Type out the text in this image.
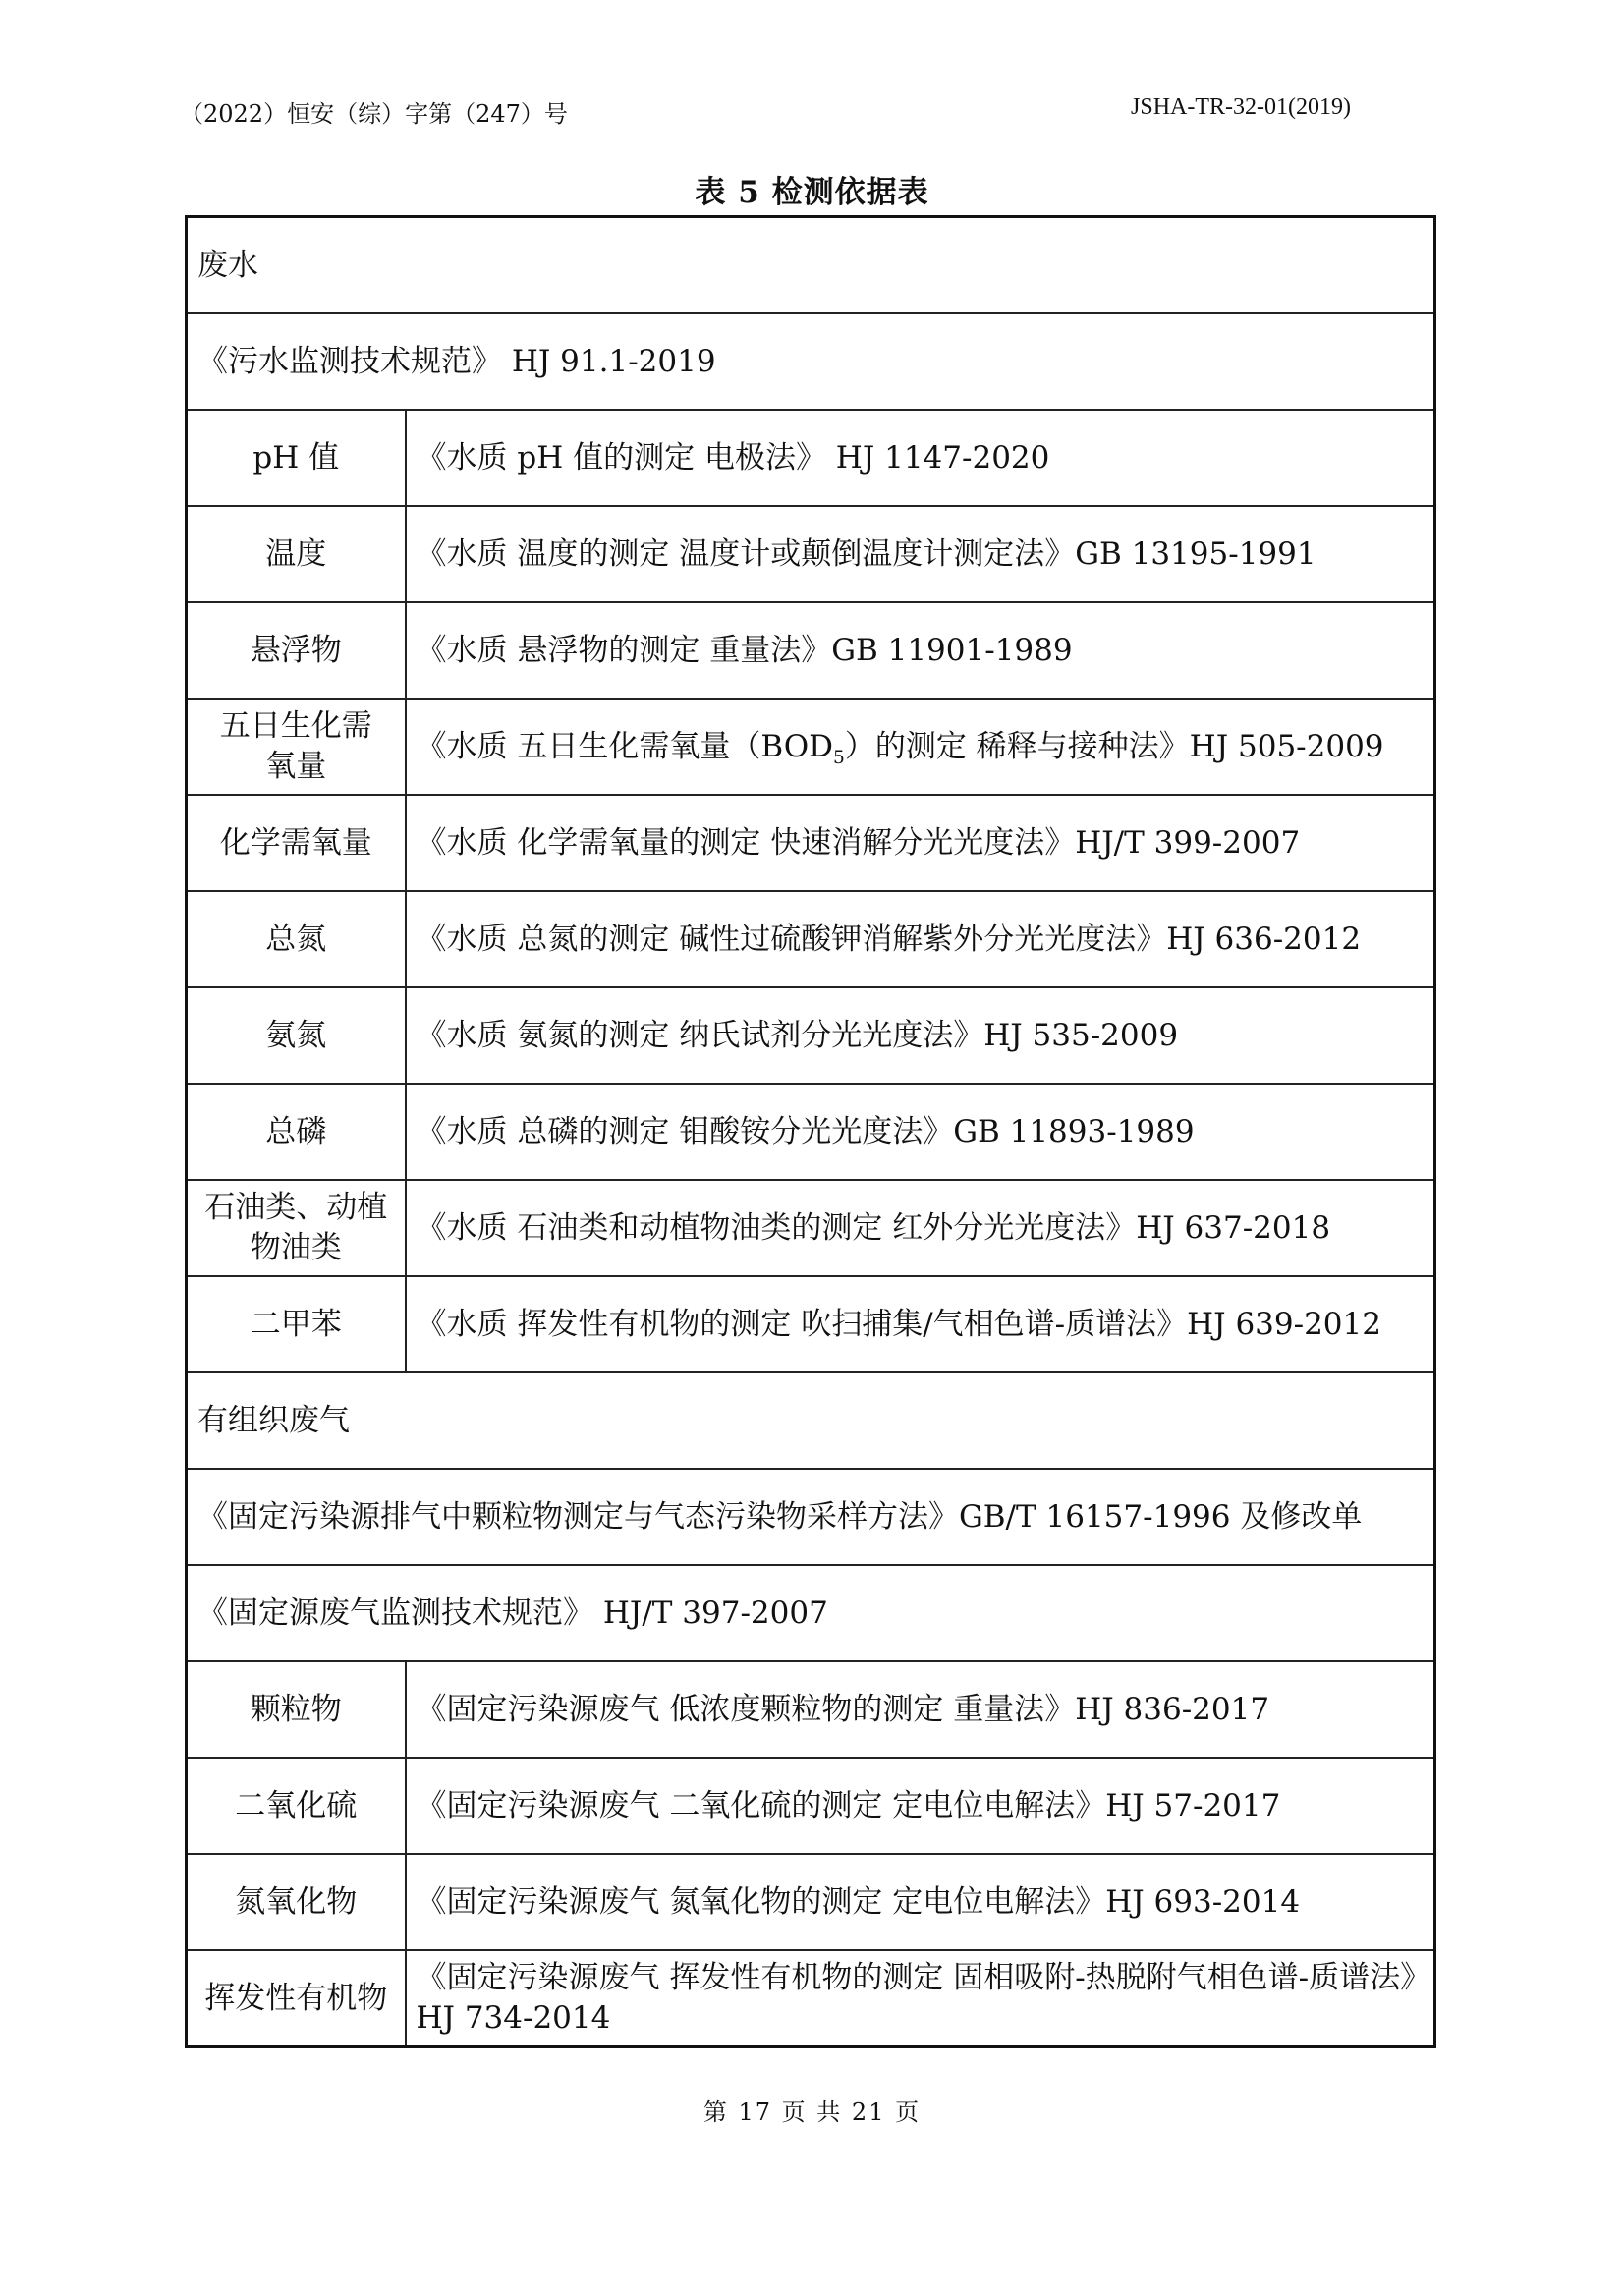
（2022）恒安（综）字第（247）号	JSHA-TR-32-01(2019)
表 5 检测依据表
废水	
《污水监测技术规范》 HJ 91.1-2019	
pH 值	《水质 pH 值的测定 电极法》 HJ 1147-2020
温度	《水质 温度的测定 温度计或颠倒温度计测定法》GB 13195-1991
悬浮物	《水质 悬浮物的测定 重量法》GB 11901-1989
五日生化需氧量	《水质 五日生化需氧量$(BOD_5)$的测定 稀释与接种法》HJ 505-2009
化学需氧量	《水质 化学需氧量的测定 快速消解分光光度法》HJ/T 399-2007
总氮	《水质 总氮的测定 碱性过硫酸钾消解紫外分光光度法》HJ 636-2012
氨氮	《水质 氨氮的测定 纳氏试剂分光光度法》HJ 535-2009
总磷	《水质 总磷的测定 钼酸铵分光光度法》GB 11893-1989
石油类、动植物油类	《水质 石油类和动植物油类的测定 红外分光光度法》HJ 637-2018
二甲苯	《水质 挥发性有机物的测定 吹扫捕集/气相色谱-质谱法》HJ 639-2012
有组织废气	
《固定污染源排气中颗粒物测定与气态污染物采样方法》GB/T 16157-1996 及修改单	
《固定源废气监测技术规范》 HJ/T 397-2007	
颗粒物	《固定污染源废气 低浓度颗粒物的测定 重量法》HJ 836-2017
二氧化硫	《固定污染源废气 二氧化硫的测定 定电位电解法》HJ 57-2017
氮氧化物	《固定污染源废气 氮氧化物的测定 定电位电解法》HJ 693-2014
挥发性有机物	《固定污染源废气 挥发性有机物的测定 固相吸附-热脱附气相色谱-质谱法》HJ 734-2014
第 17 页 共 21 页
